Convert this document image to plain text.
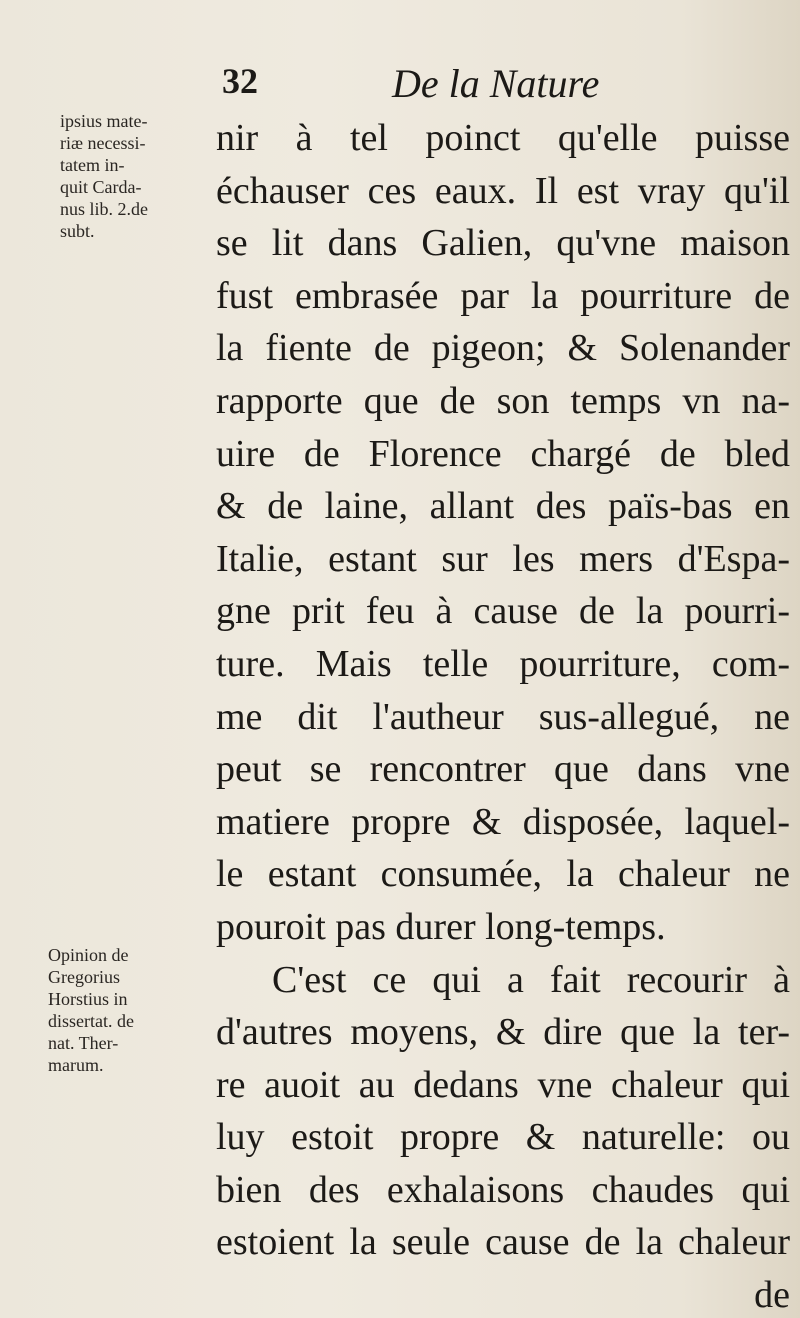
32	De la Nature
ipsius mate-
riæ necessi-
tatem in-
quit Carda-
nus lib. 2.de
subt.
Opinion de
Gregorius
Horstius in
dissertat. de
nat. Ther-
marum.
nir à tel poinct qu'elle puisse
échauser ces eaux. Il est vray qu'il
se lit dans Galien, qu'vne maison
fust embrasée par la pourriture de
la fiente de pigeon; & Solenander
rapporte que de son temps vn na-
uire de Florence chargé de bled
& de laine, allant des païs-bas en
Italie, estant sur les mers d'Espa-
gne prit feu à cause de la pourri-
ture. Mais telle pourriture, com-
me dit l'autheur sus-allegué, ne
peut se rencontrer que dans vne
matiere propre & disposée, laquel-
le estant consumée, la chaleur ne
pouroit pas durer long-temps.
C'est ce qui a fait recourir à
d'autres moyens, & dire que la ter-
re auoit au dedans vne chaleur qui
luy estoit propre & naturelle: ou
bien des exhalaisons chaudes qui
estoient la seule cause de la chaleur
de
